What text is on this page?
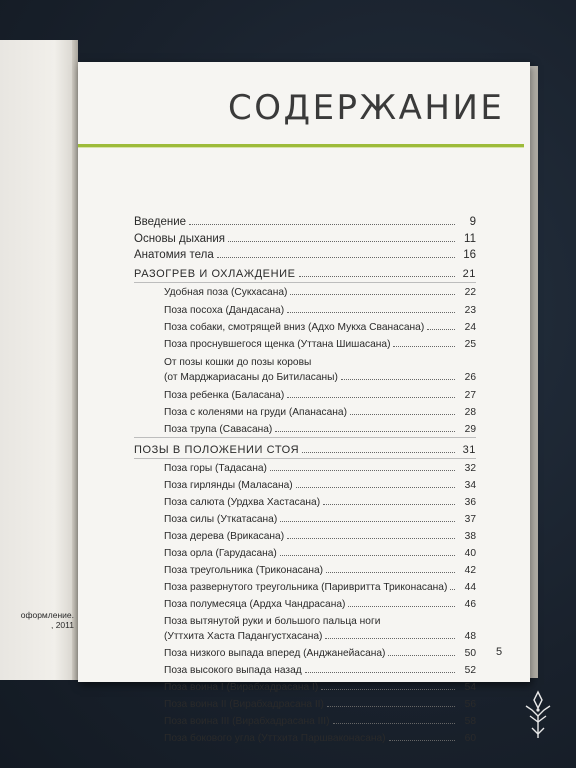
оформление.
, 2011
СОДЕРЖАНИЕ
Введение	9
Основы дыхания	11
Анатомия тела	16
РАЗОГРЕВ И ОХЛАЖДЕНИЕ	21
Удобная поза (Сукхасана)	22
Поза посоха (Дандасана)	23
Поза собаки, смотрящей вниз (Адхо Мукха Сванасана)	24
Поза проснувшегося щенка (Уттана Шишасана)	25
От позы кошки до позы коровы
(от Марджариасаны до Битиласаны)	26
Поза ребенка (Баласана)	27
Поза с коленями на груди (Апанасана)	28
Поза трупа (Савасана)	29
ПОЗЫ В ПОЛОЖЕНИИ СТОЯ	31
Поза горы (Тадасана)	32
Поза гирлянды (Маласана)	34
Поза салюта (Урдхва Хастасана)	36
Поза силы (Уткатасана)	37
Поза дерева (Врикасана)	38
Поза орла (Гарудасана)	40
Поза треугольника (Триконасана)	42
Поза развернутого треугольника (Паривритта Триконасана)	44
Поза полумесяца (Ардха Чандрасана)	46
Поза вытянутой руки и большого пальца ноги
(Уттхита Хаста Падангустхасана)	48
Поза низкого выпада вперед (Анджанейасана)	50
Поза высокого выпада назад	52
Поза воина I (Вирабхадрасана I)	54
Поза воина II (Вирабхадрасана II)	56
Поза воина III (Вирабхадрасана III)	58
Поза бокового угла (Уттхита Паршваконасана)	60
5
